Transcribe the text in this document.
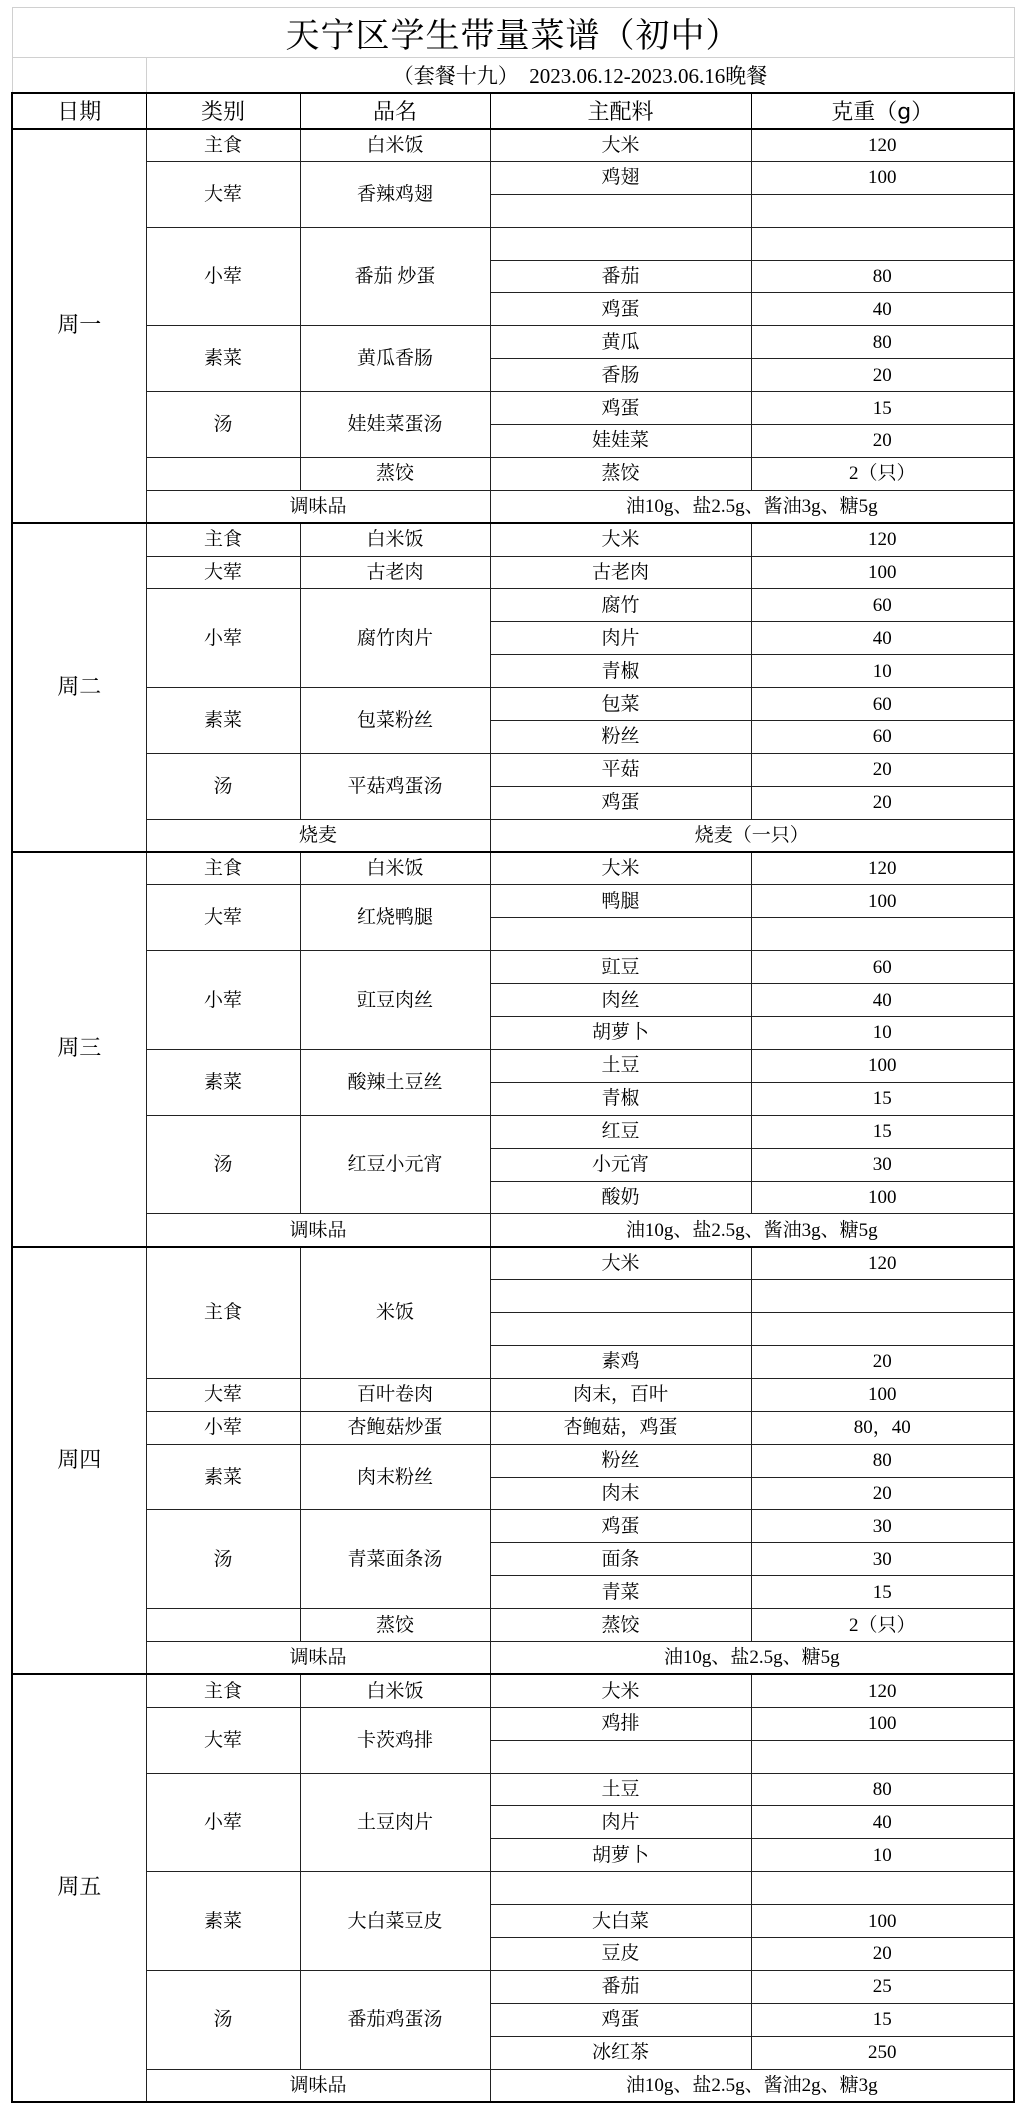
天宁区学生带量菜谱（初中）				
	（套餐十九）  2023.06.12-2023.06.16晚餐			
日期	类别	品名	主配料	克重（g）
周一	主食	白米饭	大米	120
	大荤	香辣鸡翅	鸡翅	100

	小荤	番茄 炒蛋		
			番茄	80
			鸡蛋	40
	素菜	黄瓜香肠	黄瓜	80
			香肠	20
	汤	娃娃菜蛋汤	鸡蛋	15
			娃娃菜	20
		蒸饺	蒸饺	2（只）
	调味品		油10g、盐2.5g、酱油3g、糖5g	
周二	主食	白米饭	大米	120
	大荤	古老肉	古老肉	100
	小荤	腐竹肉片	腐竹	60
			肉片	40
			青椒	10
	素菜	包菜粉丝	包菜	60
			粉丝	60
	汤	平菇鸡蛋汤	平菇	20
			鸡蛋	20
	烧麦		烧麦（一只）	
周三	主食	白米饭	大米	120
	大荤	红烧鸭腿	鸭腿	100

	小荤	豇豆肉丝	豇豆	60
			肉丝	40
			胡萝卜	10
	素菜	酸辣土豆丝	土豆	100
			青椒	15
	汤	红豆小元宵	红豆	15
			小元宵	30
			酸奶	100
	调味品		油10g、盐2.5g、酱油3g、糖5g	
周四	主食	米饭	大米	120

			素鸡	20
	大荤	百叶卷肉	肉末，百叶	100
	小荤	杏鲍菇炒蛋	杏鲍菇，鸡蛋	80，40
	素菜	肉末粉丝	粉丝	80
			肉末	20
	汤	青菜面条汤	鸡蛋	30
			面条	30
			青菜	15
		蒸饺	蒸饺	2（只）
	调味品		油10g、盐2.5g、糖5g	
周五	主食	白米饭	大米	120
	大荤	卡茨鸡排	鸡排	100

	小荤	土豆肉片	土豆	80
			肉片	40
			胡萝卜	10
	素菜	大白菜豆皮		
			大白菜	100
			豆皮	20
	汤	番茄鸡蛋汤	番茄	25
			鸡蛋	15
			冰红茶	250
	调味品		油10g、盐2.5g、酱油2g、糖3g	
